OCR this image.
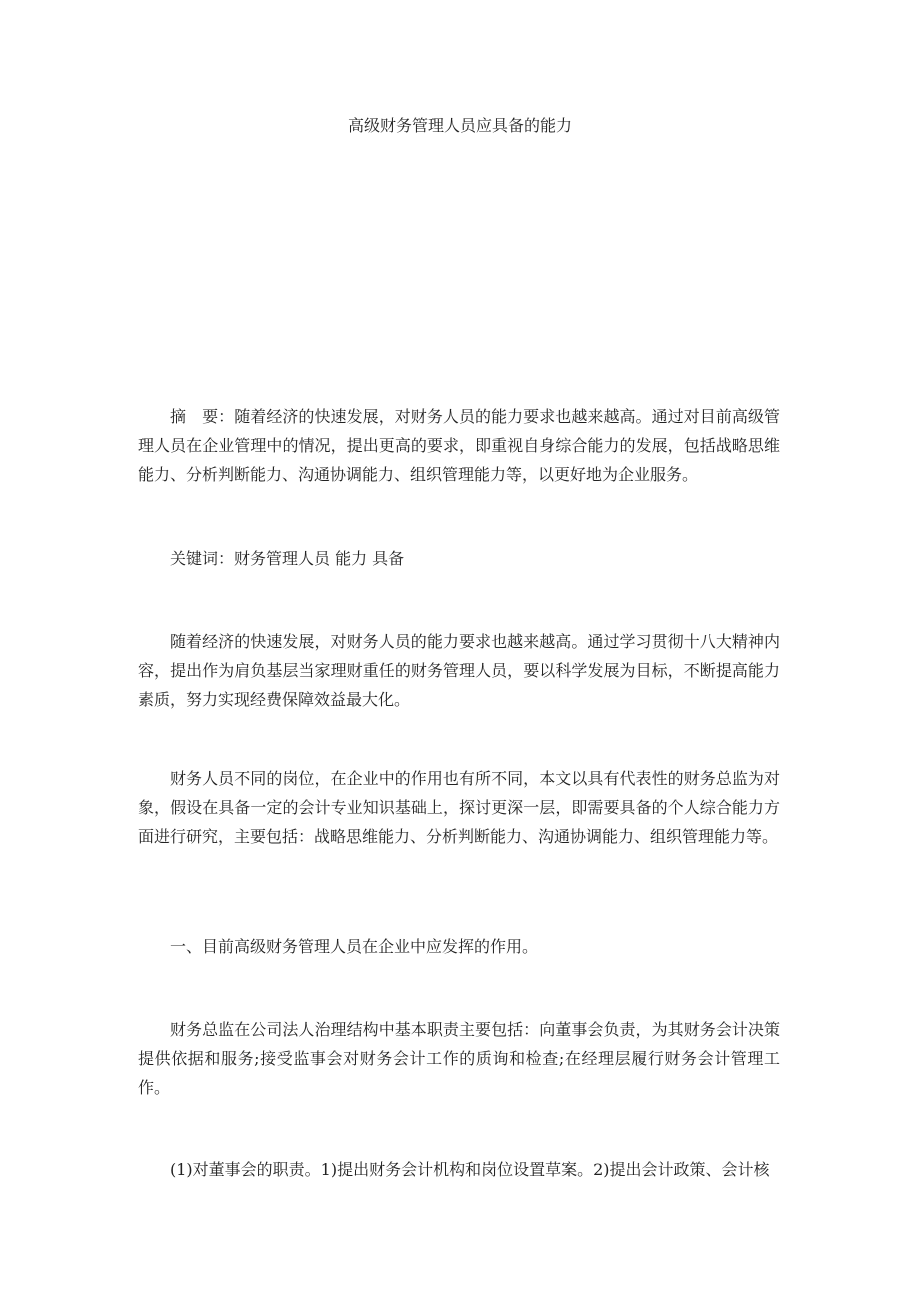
高级财务管理人员应具备的能力

摘　要：随着经济的快速发展，对财务人员的能力要求也越来越高。通过对目前高级管理人员在企业管理中的情况，提出更高的要求，即重视自身综合能力的发展，包括战略思维能力、分析判断能力、沟通协调能力、组织管理能力等，以更好地为企业服务。

关键词：财务管理人员 能力 具备

随着经济的快速发展，对财务人员的能力要求也越来越高。通过学习贯彻十八大精神内容，提出作为肩负基层当家理财重任的财务管理人员，要以科学发展为目标，不断提高能力素质，努力实现经费保障效益最大化。

财务人员不同的岗位，在企业中的作用也有所不同，本文以具有代表性的财务总监为对象，假设在具备一定的会计专业知识基础上，探讨更深一层，即需要具备的个人综合能力方面进行研究，主要包括：战略思维能力、分析判断能力、沟通协调能力、组织管理能力等。

一、目前高级财务管理人员在企业中应发挥的作用。

财务总监在公司法人治理结构中基本职责主要包括：向董事会负责，为其财务会计决策提供依据和服务;接受监事会对财务会计工作的质询和检查;在经理层履行财务会计管理工作。

(1)对董事会的职责。1)提出财务会计机构和岗位设置草案。2)提出会计政策、会计核
